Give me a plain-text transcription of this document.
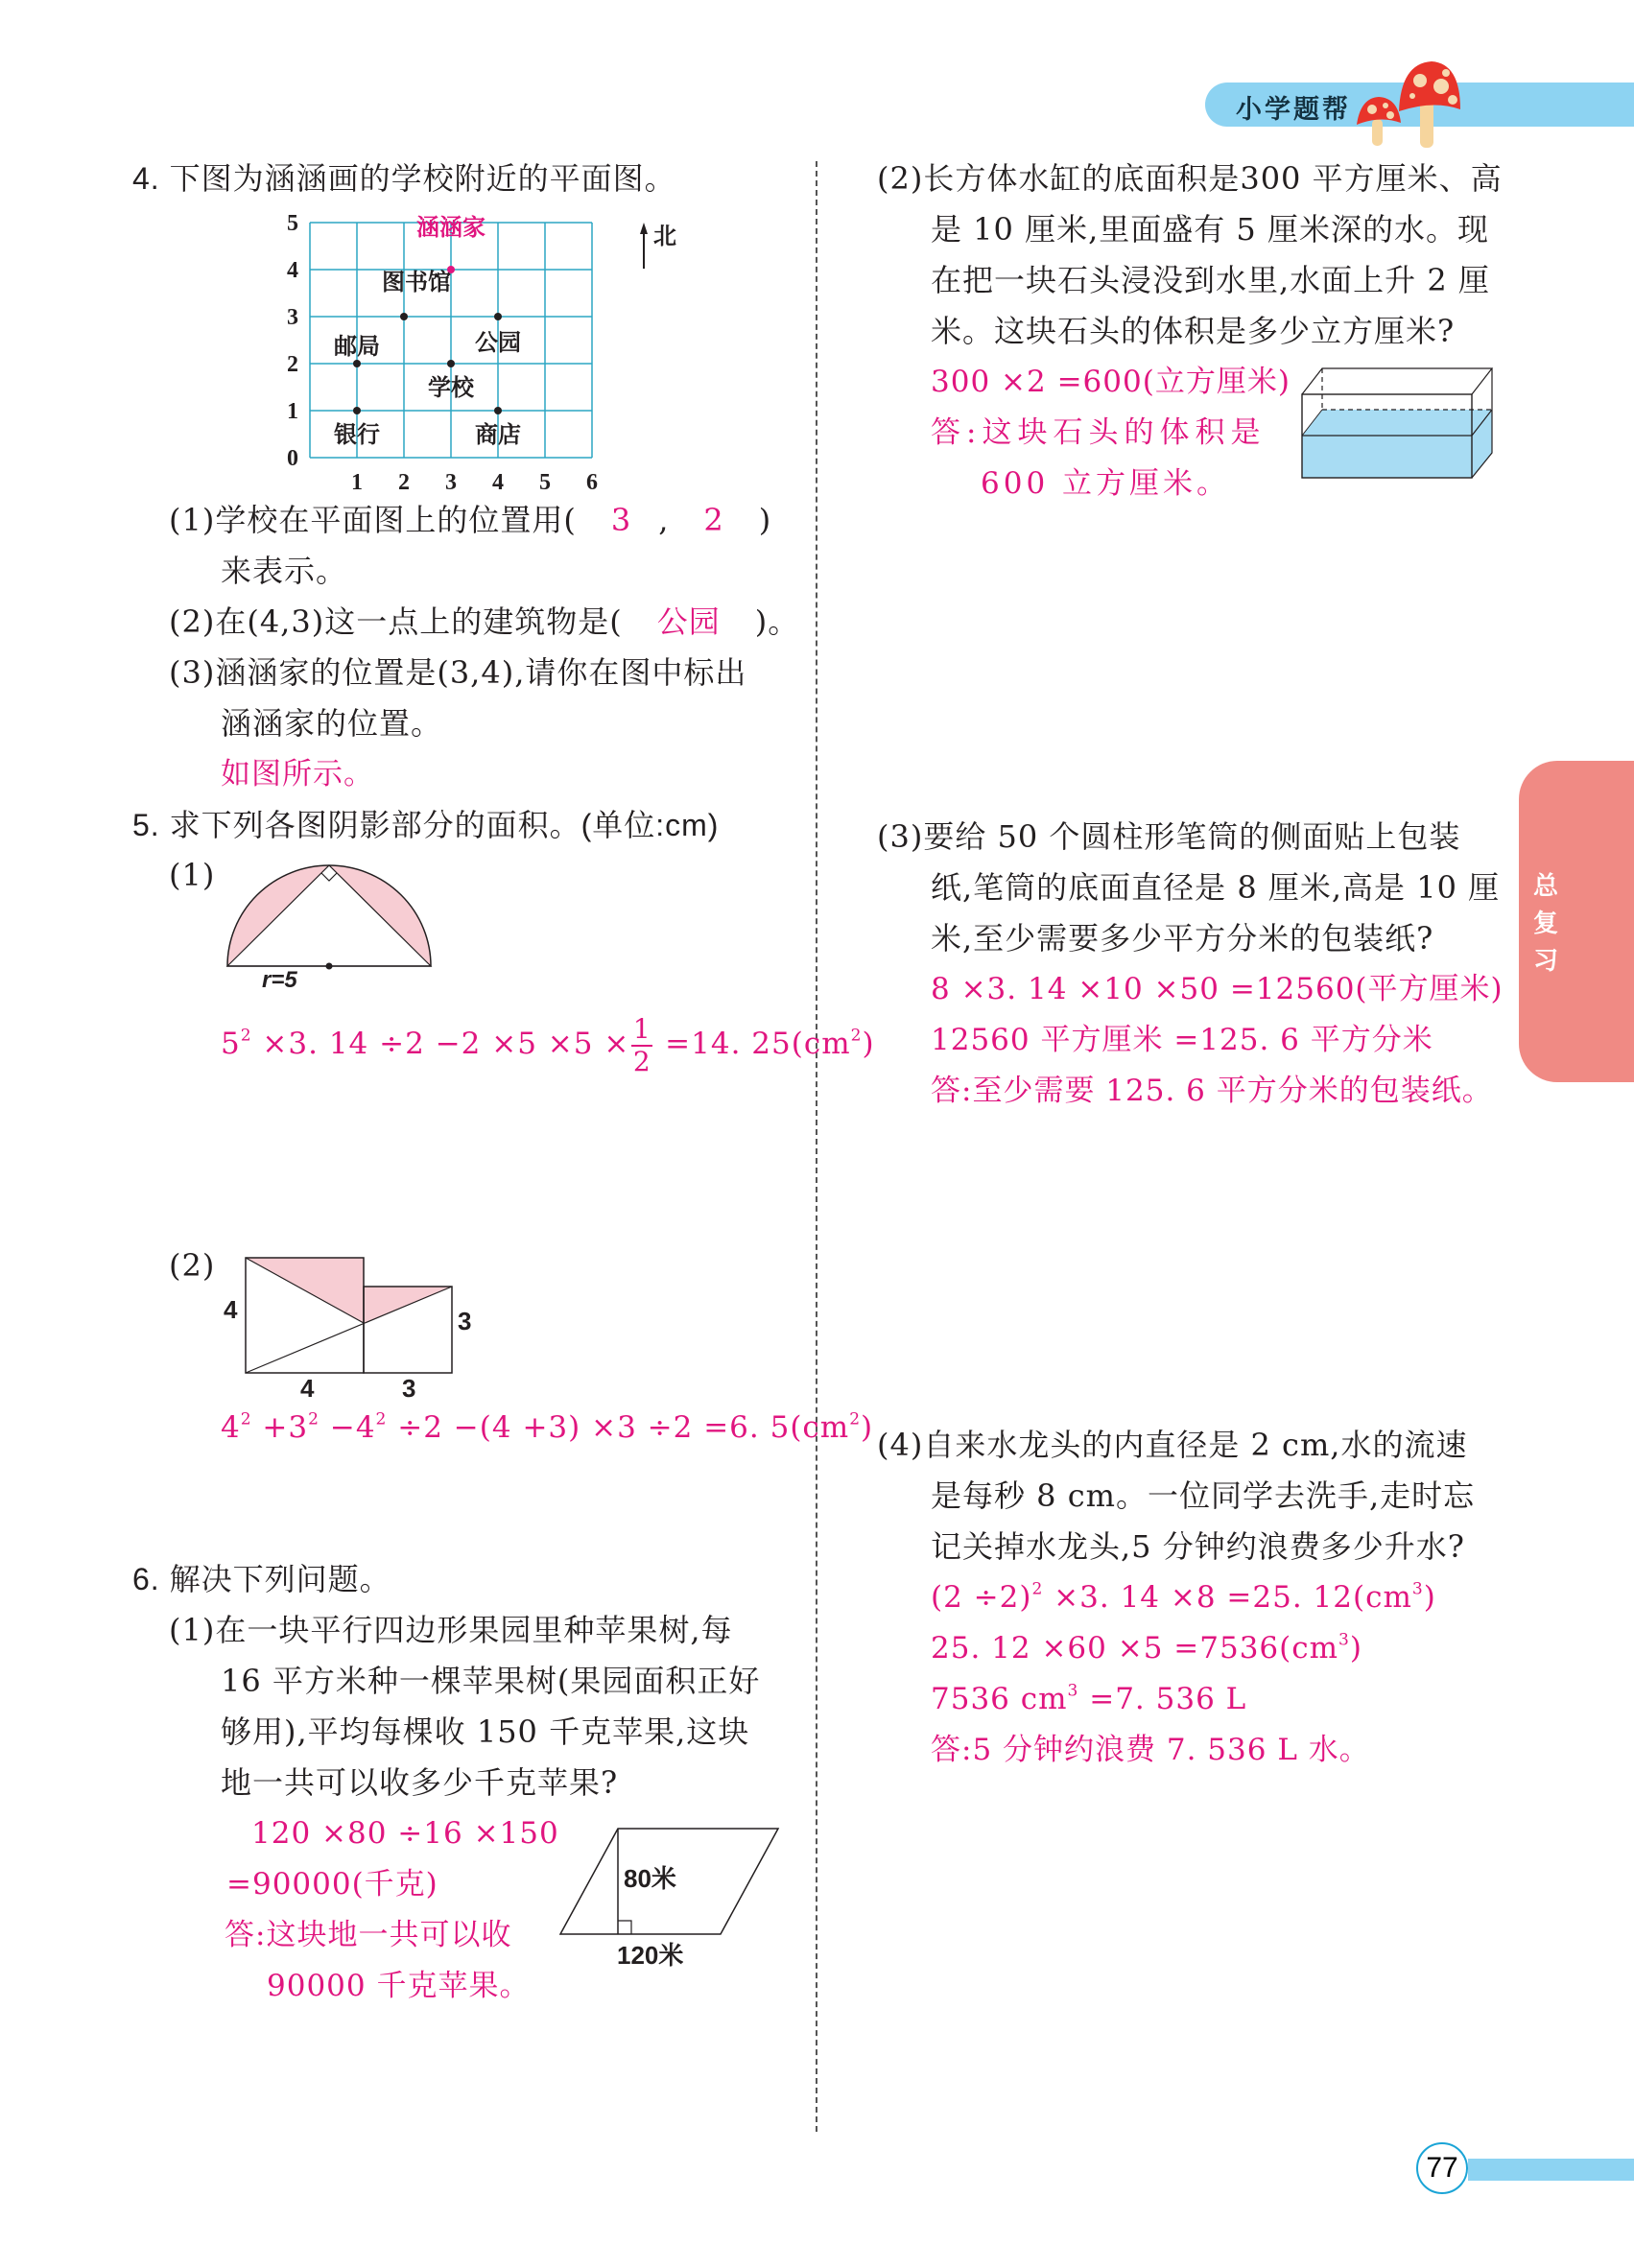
小学题帮
总
复
习
77
4. 下图为涵涵画的学校附近的平面图。
1 2 3 4 5 6
0
1
2
3
4
5	涵涵家
图书馆
公园
邮局
学校
银行	商店
北
(1)学校在平面图上的位置用( 3 , 2 )
来表示。
(2)在(4,3)这一点上的建筑物是( 公园 )。
(3)涵涵家的位置是(3,4),请你在图中标出
涵涵家的位置。
如图所示。
5. 求下列各图阴影部分的面积。(单位:cm)
(1)
r=5
$5^2 \times 3$. $14 \div 2 -2 \times 5 \times 5 \times \frac{1}{2} =14$. $25(cm^2)$
(2)
4	3
4	3
$4^2 +3^2 -4^2 \div 2 -(4 +3) \times 3 \div 2 =6$. $5(cm^2)$
6. 解决下列问题。
(1)在一块平行四边形果园里种苹果树,每
16 平方米种一棵苹果树(果园面积正好
够用),平均每棵收 150 千克苹果,这块
地一共可以收多少千克苹果?
120 ×80 ÷16 ×150
=90000(千克)
答:这块地一共可以收
90000 千克苹果。
80米
120米
(2)长方体水缸的底面积是300 平方厘米、高
是 10 厘米,里面盛有 5 厘米深的水。现
在把一块石头浸没到水里,水面上升 2 厘
米。这块石头的体积是多少立方厘米?
300 ×2 =600(立方厘米)
答:这块石头的体积是
600 立方厘米。
(3)要给 50 个圆柱形笔筒的侧面贴上包装
纸,笔筒的底面直径是 8 厘米,高是 10 厘
米,至少需要多少平方分米的包装纸?
8 ×3. 14 ×10 ×50 =12560(平方厘米)
12560 平方厘米 =125. 6 平方分米
答:至少需要 125. 6 平方分米的包装纸。
(4)自来水龙头的内直径是 2 cm,水的流速
是每秒 8 cm。一位同学去洗手,走时忘
记关掉水龙头,5 分钟约浪费多少升水?
$(2 \div 2)^2 \times 3$. 14 ×8 =25. $12(cm^3)$
25. $12 \times 60 \times 5 =7536(cm^3)$
7536 $cm^3 =7$. 536 L
答:5 分钟约浪费 7. 536 L 水。
